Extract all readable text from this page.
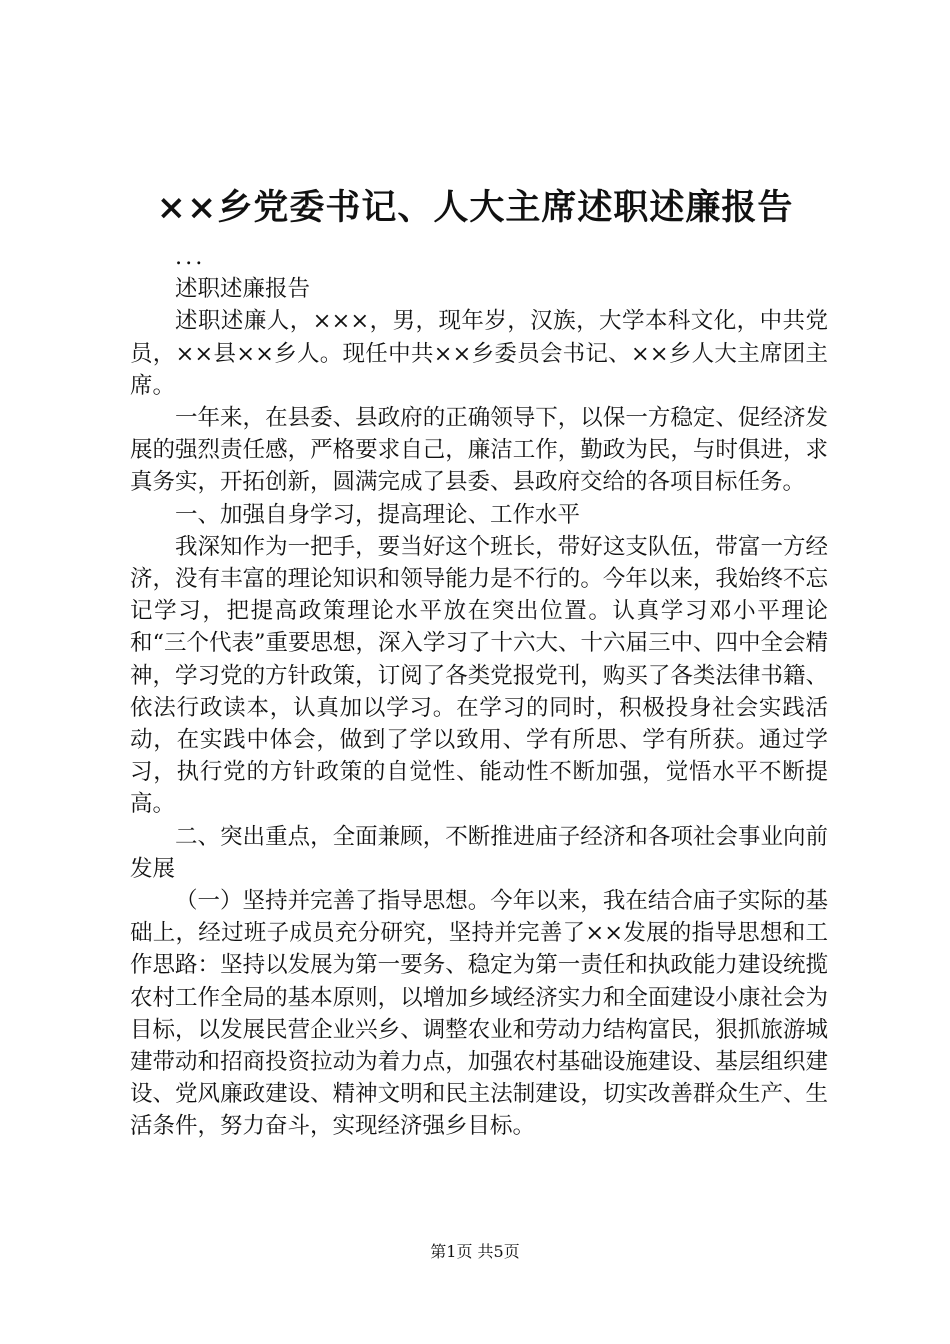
××乡党委书记、人大主席述职述廉报告

...

述职述廉报告

述职述廉人，×××，男，现年岁，汉族，大学本科文化，中共党员，××县××乡人。现任中共××乡委员会书记、××乡人大主席团主席。

一年来，在县委、县政府的正确领导下，以保一方稳定、促经济发展的强烈责任感，严格要求自己，廉洁工作，勤政为民，与时俱进，求真务实，开拓创新，圆满完成了县委、县政府交给的各项目标任务。

一、加强自身学习，提高理论、工作水平

我深知作为一把手，要当好这个班长，带好这支队伍，带富一方经济，没有丰富的理论知识和领导能力是不行的。今年以来，我始终不忘记学习，把提高政策理论水平放在突出位置。认真学习邓小平理论和“三个代表”重要思想，深入学习了十六大、十六届三中、四中全会精神，学习党的方针政策，订阅了各类党报党刊，购买了各类法律书籍、依法行政读本，认真加以学习。在学习的同时，积极投身社会实践活动，在实践中体会，做到了学以致用、学有所思、学有所获。通过学习，执行党的方针政策的自觉性、能动性不断加强，觉悟水平不断提高。

二、突出重点，全面兼顾，不断推进庙子经济和各项社会事业向前发展

（一）坚持并完善了指导思想。今年以来，我在结合庙子实际的基础上，经过班子成员充分研究，坚持并完善了××发展的指导思想和工作思路：坚持以发展为第一要务、稳定为第一责任和执政能力建设统揽农村工作全局的基本原则，以增加乡域经济实力和全面建设小康社会为目标，以发展民营企业兴乡、调整农业和劳动力结构富民，狠抓旅游城建带动和招商投资拉动为着力点，加强农村基础设施建设、基层组织建设、党风廉政建设、精神文明和民主法制建设，切实改善群众生产、生活条件，努力奋斗，实现经济强乡目标。

第1页 共5页
